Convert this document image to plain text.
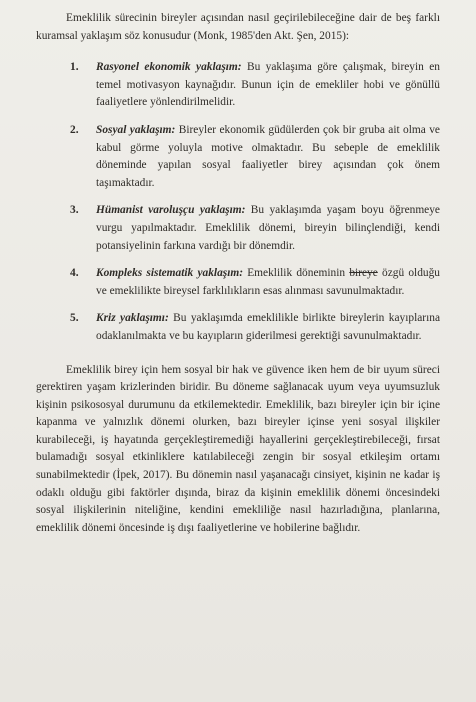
Emeklilik sürecinin bireyler açısından nasıl geçirilebileceğine dair de beş farklı kuramsal yaklaşım söz konusudur (Monk, 1985'den Akt. Şen, 2015):

1. Rasyonel ekonomik yaklaşım: Bu yaklaşıma göre çalışmak, bireyin en temel motivasyon kaynağıdır. Bunun için de emekliler hobi ve gönüllü faaliyetlere yönlendirilmelidir.
2. Sosyal yaklaşım: Bireyler ekonomik güdülerden çok bir gruba ait olma ve kabul görme yoluyla motive olmaktadır. Bu sebeple de emeklilik döneminde yapılan sosyal faaliyetler birey açısından çok önem taşımaktadır.
3. Hümanist varoluşçu yaklaşım: Bu yaklaşımda yaşam boyu öğrenmeye vurgu yapılmaktadır. Emeklilik dönemi, bireyin bilinçlendiği, kendi potansiyelinin farkına vardığı bir dönemdir.
4. Kompleks sistematik yaklaşım: Emeklilik döneminin bireye özgü olduğu ve emeklilikte bireysel farklılıkların esas alınması savunulmaktadır.
5. Kriz yaklaşımı: Bu yaklaşımda emeklilikle birlikte bireylerin kayıplarına odaklanılmakta ve bu kayıpların giderilmesi gerektiği savunulmaktadır.

Emeklilik birey için hem sosyal bir hak ve güvence iken hem de bir uyum süreci gerektiren yaşam krizlerinden biridir. Bu döneme sağlanacak uyum veya uyumsuzluk kişinin psikososyal durumunu da etkilemektedir. Emeklilik, bazı bireyler için bir içine kapanma ve yalnızlık dönemi olurken, bazı bireyler içinse yeni sosyal ilişkiler kurabileceği, iş hayatında gerçekleştiremediği hayallerini gerçekleştirebileceği, fırsat bulamadığı sosyal etkinliklere katılabileceği zengin bir sosyal etkileşim ortamı sunabilmektedir (İpek, 2017). Bu dönemin nasıl yaşanacağı cinsiyet, kişinin ne kadar iş odaklı olduğu gibi faktörler dışında, biraz da kişinin emeklilik dönemi öncesindeki sosyal ilişkilerinin niteliğine, kendini emekliliğe nasıl hazırladığına, planlarına, emeklilik dönemi öncesinde iş dışı faaliyetlerine ve hobilerine bağlıdır.
